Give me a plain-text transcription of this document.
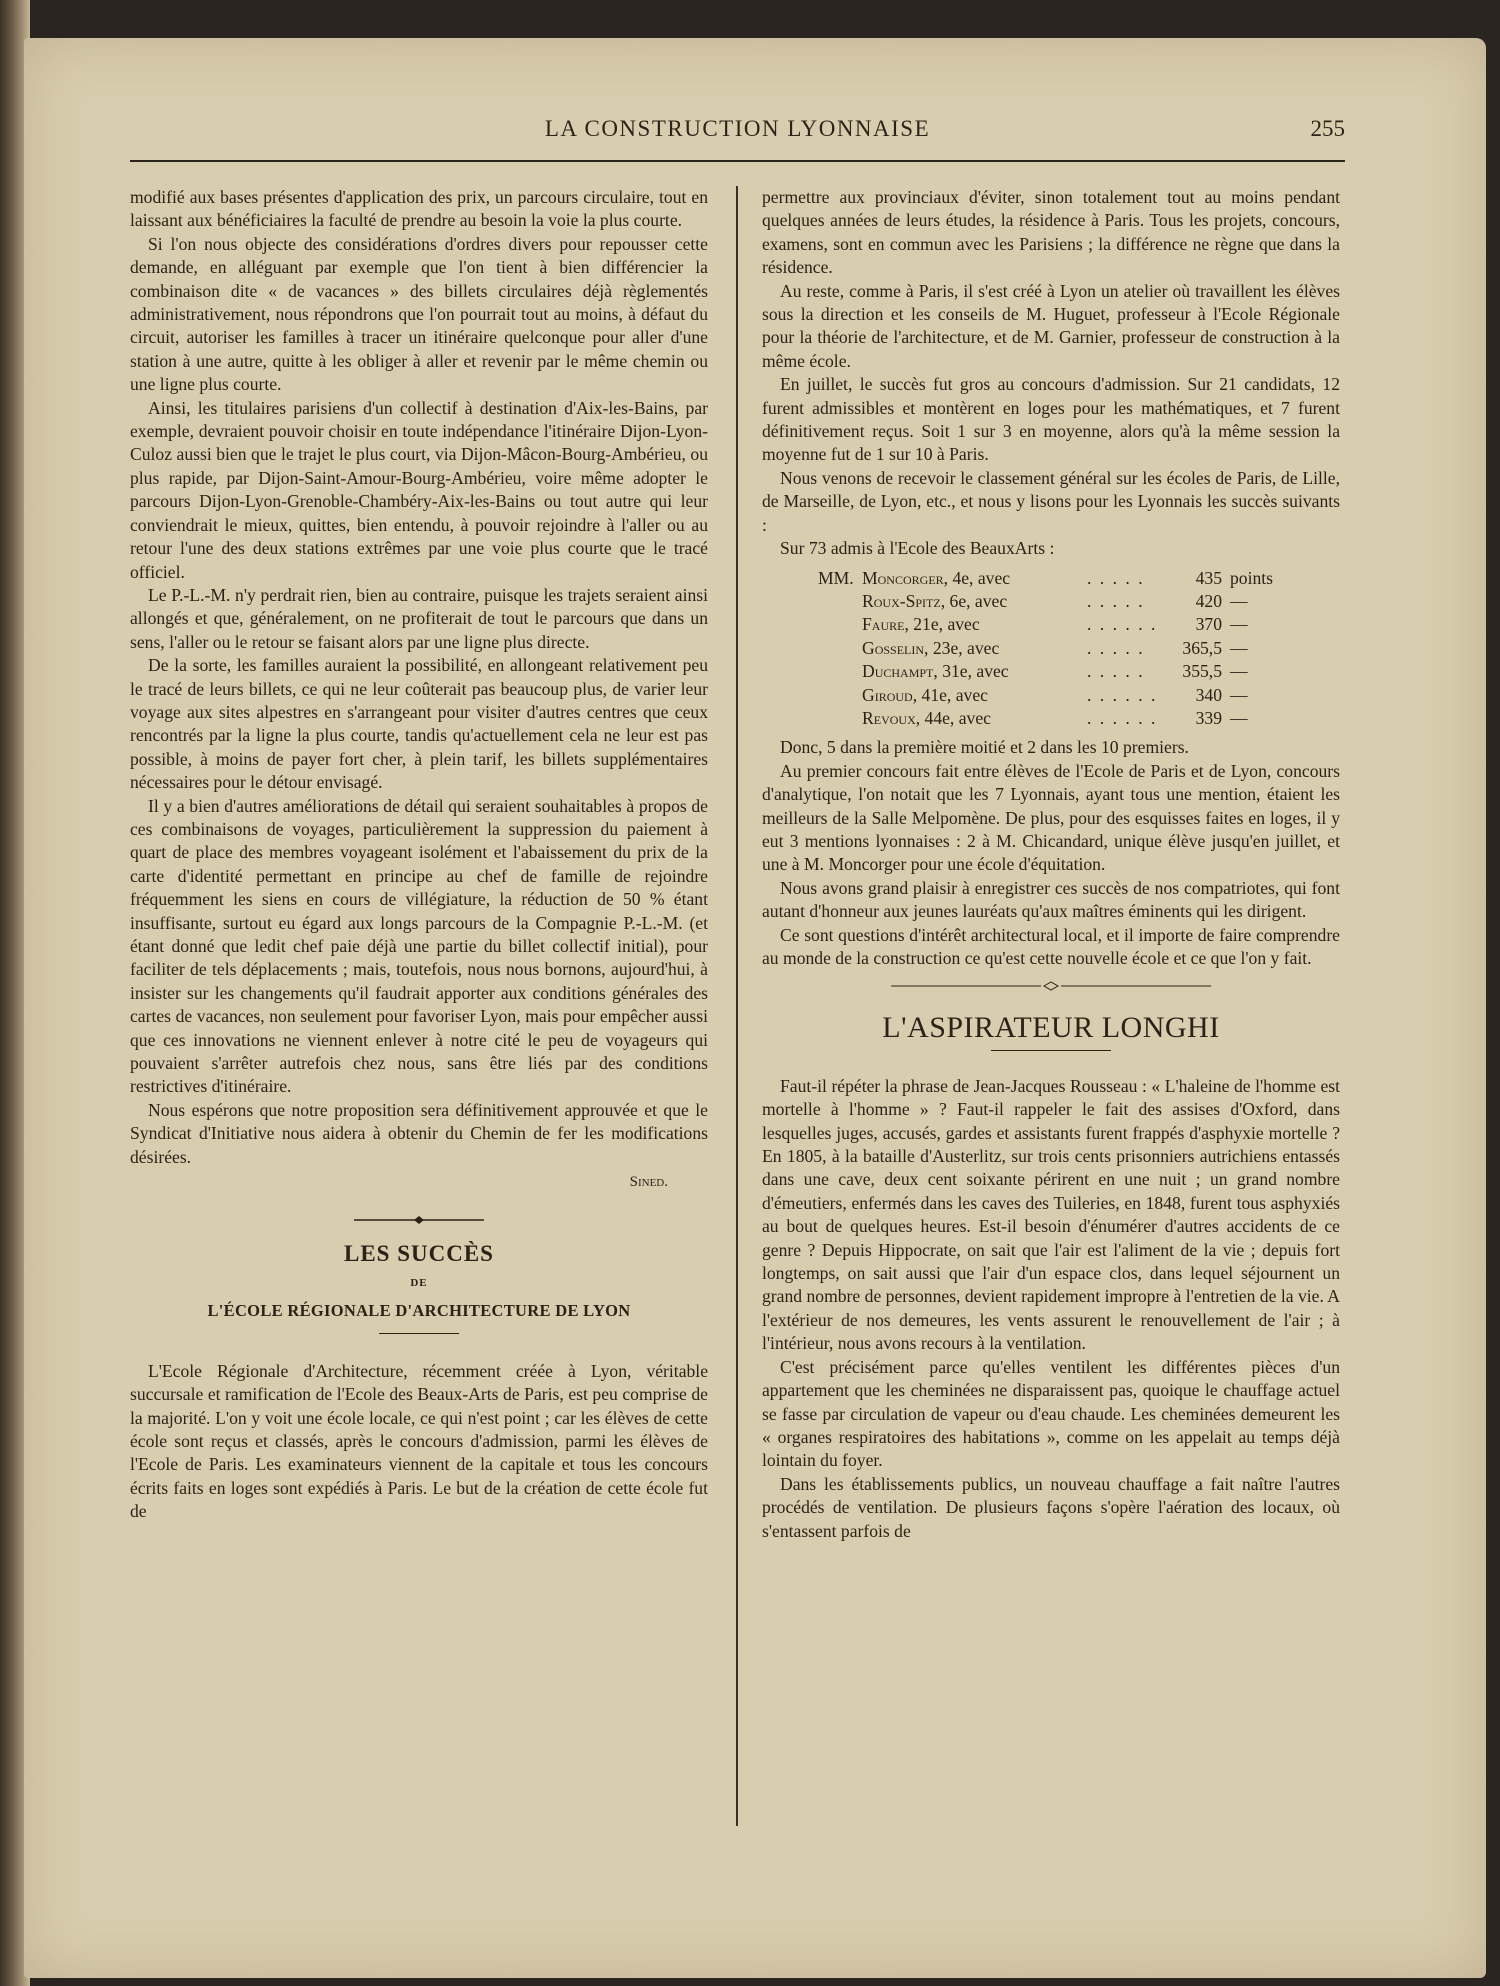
LA CONSTRUCTION LYONNAISE	255

modifié aux bases présentes d'application des prix, un parcours circulaire, tout en laissant aux bénéficiaires la faculté de prendre au besoin la voie la plus courte.

Si l'on nous objecte des considérations d'ordres divers pour repousser cette demande, en alléguant par exemple que l'on tient à bien différencier la combinaison dite « de vacances » des billets circulaires déjà règlementés administrativement, nous répondrons que l'on pourrait tout au moins, à défaut du circuit, autoriser les familles à tracer un itinéraire quelconque pour aller d'une station à une autre, quitte à les obliger à aller et revenir par le même chemin ou une ligne plus courte.

Ainsi, les titulaires parisiens d'un collectif à destination d'Aix-les-Bains, par exemple, devraient pouvoir choisir en toute indépendance l'itinéraire Dijon-Lyon-Culoz aussi bien que le trajet le plus court, via Dijon-Mâcon-Bourg-Ambérieu, ou plus rapide, par Dijon-Saint-Amour-Bourg-Ambérieu, voire même adopter le parcours Dijon-Lyon-Grenoble-Chambéry-Aix-les-Bains ou tout autre qui leur conviendrait le mieux, quittes, bien entendu, à pouvoir rejoindre à l'aller ou au retour l'une des deux stations extrêmes par une voie plus courte que le tracé officiel.

Le P.-L.-M. n'y perdrait rien, bien au contraire, puisque les trajets seraient ainsi allongés et que, généralement, on ne profiterait de tout le parcours que dans un sens, l'aller ou le retour se faisant alors par une ligne plus directe.

De la sorte, les familles auraient la possibilité, en allongeant relativement peu le tracé de leurs billets, ce qui ne leur coûterait pas beaucoup plus, de varier leur voyage aux sites alpestres en s'arrangeant pour visiter d'autres centres que ceux rencontrés par la ligne la plus courte, tandis qu'actuellement cela ne leur est pas possible, à moins de payer fort cher, à plein tarif, les billets supplémentaires nécessaires pour le détour envisagé.

Il y a bien d'autres améliorations de détail qui seraient souhaitables à propos de ces combinaisons de voyages, particulièrement la suppression du paiement à quart de place des membres voyageant isolément et l'abaissement du prix de la carte d'identité permettant en principe au chef de famille de rejoindre fréquemment les siens en cours de villégiature, la réduction de 50 % étant insuffisante, surtout eu égard aux longs parcours de la Compagnie P.-L.-M. (et étant donné que ledit chef paie déjà une partie du billet collectif initial), pour faciliter de tels déplacements ; mais, toutefois, nous nous bornons, aujourd'hui, à insister sur les changements qu'il faudrait apporter aux conditions générales des cartes de vacances, non seulement pour favoriser Lyon, mais pour empêcher aussi que ces innovations ne viennent enlever à notre cité le peu de voyageurs qui pouvaient s'arrêter autrefois chez nous, sans être liés par des conditions restrictives d'itinéraire.

Nous espérons que notre proposition sera définitivement approuvée et que le Syndicat d'Initiative nous aidera à obtenir du Chemin de fer les modifications désirées.

Sined.
LES SUCCÈS
DE
L'ÉCOLE RÉGIONALE D'ARCHITECTURE DE LYON

L'Ecole Régionale d'Architecture, récemment créée à Lyon, véritable succursale et ramification de l'Ecole des Beaux-Arts de Paris, est peu comprise de la majorité. L'on y voit une école locale, ce qui n'est point ; car les élèves de cette école sont reçus et classés, après le concours d'admission, parmi les élèves de l'Ecole de Paris. Les examinateurs viennent de la capitale et tous les concours écrits faits en loges sont expédiés à Paris. Le but de la création de cette école fut de

permettre aux provinciaux d'éviter, sinon totalement tout au moins pendant quelques années de leurs études, la résidence à Paris. Tous les projets, concours, examens, sont en commun avec les Parisiens ; la différence ne règne que dans la résidence.

Au reste, comme à Paris, il s'est créé à Lyon un atelier où travaillent les élèves sous la direction et les conseils de M. Huguet, professeur à l'Ecole Régionale pour la théorie de l'architecture, et de M. Garnier, professeur de construction à la même école.

En juillet, le succès fut gros au concours d'admission. Sur 21 candidats, 12 furent admissibles et montèrent en loges pour les mathématiques, et 7 furent définitivement reçus. Soit 1 sur 3 en moyenne, alors qu'à la même session la moyenne fut de 1 sur 10 à Paris.

Nous venons de recevoir le classement général sur les écoles de Paris, de Lille, de Marseille, de Lyon, etc., et nous y lisons pour les Lyonnais les succès suivants :

Sur 73 admis à l'Ecole des BeauxArts :

MM.	Moncorger, 4e, avec	. . . . .	435	points
	Roux-Spitz, 6e, avec	. . . . .	420	—
	Faure, 21e, avec	. . . . . .	370	—
	Gosselin, 23e, avec	. . . . .	365,5	—
	Duchampt, 31e, avec	. . . . .	355,5	—
	Giroud, 41e, avec	. . . . . .	340	—
	Revoux, 44e, avec	. . . . . .	339	—

Donc, 5 dans la première moitié et 2 dans les 10 premiers.

Au premier concours fait entre élèves de l'Ecole de Paris et de Lyon, concours d'analytique, l'on notait que les 7 Lyonnais, ayant tous une mention, étaient les meilleurs de la Salle Melpomène. De plus, pour des esquisses faites en loges, il y eut 3 mentions lyonnaises : 2 à M. Chicandard, unique élève jusqu'en juillet, et une à M. Moncorger pour une école d'équitation.

Nous avons grand plaisir à enregistrer ces succès de nos compatriotes, qui font autant d'honneur aux jeunes lauréats qu'aux maîtres éminents qui les dirigent.

Ce sont questions d'intérêt architectural local, et il importe de faire comprendre au monde de la construction ce qu'est cette nouvelle école et ce que l'on y fait.

L'ASPIRATEUR LONGHI

Faut-il répéter la phrase de Jean-Jacques Rousseau : « L'haleine de l'homme est mortelle à l'homme » ? Faut-il rappeler le fait des assises d'Oxford, dans lesquelles juges, accusés, gardes et assistants furent frappés d'asphyxie mortelle ? En 1805, à la bataille d'Austerlitz, sur trois cents prisonniers autrichiens entassés dans une cave, deux cent soixante périrent en une nuit ; un grand nombre d'émeutiers, enfermés dans les caves des Tuileries, en 1848, furent tous asphyxiés au bout de quelques heures. Est-il besoin d'énumérer d'autres accidents de ce genre ? Depuis Hippocrate, on sait que l'air est l'aliment de la vie ; depuis fort longtemps, on sait aussi que l'air d'un espace clos, dans lequel séjournent un grand nombre de personnes, devient rapidement impropre à l'entretien de la vie. A l'extérieur de nos demeures, les vents assurent le renouvellement de l'air ; à l'intérieur, nous avons recours à la ventilation.

C'est précisément parce qu'elles ventilent les différentes pièces d'un appartement que les cheminées ne disparaissent pas, quoique le chauffage actuel se fasse par circulation de vapeur ou d'eau chaude. Les cheminées demeurent les « organes respiratoires des habitations », comme on les appelait au temps déjà lointain du foyer.

Dans les établissements publics, un nouveau chauffage a fait naître l'autres procédés de ventilation. De plusieurs façons s'opère l'aération des locaux, où s'entassent parfois de
